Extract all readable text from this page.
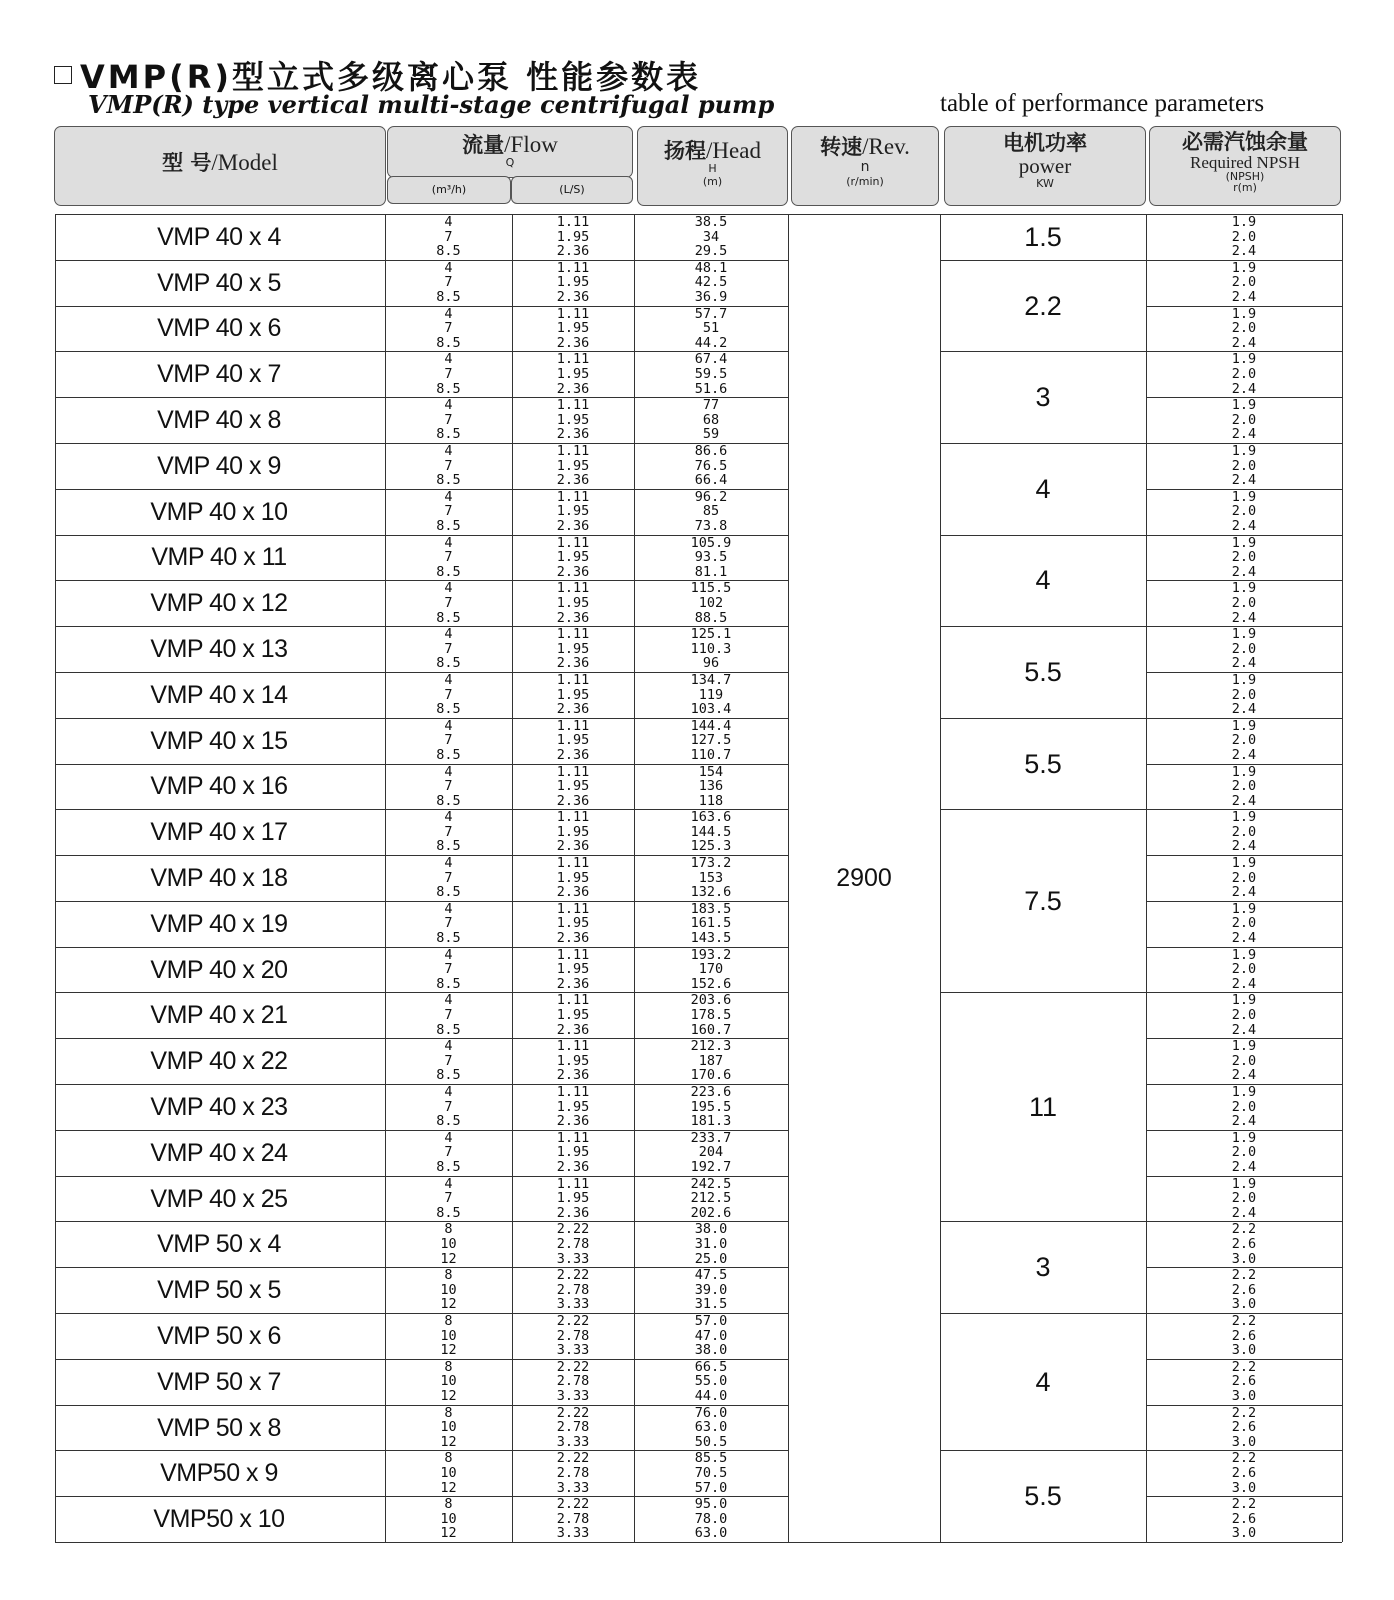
VMP(R)型立式多级离心泵 性能参数表
VMP(R) type vertical multi-stage centrifugal pump	table of performance parameters
型 号/Model
流量/Flow
Q
(m³/h)	(L/S)
扬程/Head
H
(m)
转速/Rev.
n
(r/min)
电机功率
power
KW
必需汽蚀余量
Required NPSH
(NPSH)
r(m)
VMP 40 x 4
4
7
8.5
1.11
1.95
2.36
38.5
34
29.5
1.9
2.0
2.4
VMP 40 x 5
4
7
8.5
1.11
1.95
2.36
48.1
42.5
36.9
1.9
2.0
2.4
VMP 40 x 6
4
7
8.5
1.11
1.95
2.36
57.7
51
44.2
1.9
2.0
2.4
VMP 40 x 7
4
7
8.5
1.11
1.95
2.36
67.4
59.5
51.6
1.9
2.0
2.4
VMP 40 x 8
4
7
8.5
1.11
1.95
2.36
77
68
59
1.9
2.0
2.4
VMP 40 x 9
4
7
8.5
1.11
1.95
2.36
86.6
76.5
66.4
1.9
2.0
2.4
VMP 40 x 10
4
7
8.5
1.11
1.95
2.36
96.2
85
73.8
1.9
2.0
2.4
VMP 40 x 11
4
7
8.5
1.11
1.95
2.36
105.9
93.5
81.1
1.9
2.0
2.4
VMP 40 x 12
4
7
8.5
1.11
1.95
2.36
115.5
102
88.5
1.9
2.0
2.4
VMP 40 x 13
4
7
8.5
1.11
1.95
2.36
125.1
110.3
96
1.9
2.0
2.4
VMP 40 x 14
4
7
8.5
1.11
1.95
2.36
134.7
119
103.4
1.9
2.0
2.4
VMP 40 x 15
4
7
8.5
1.11
1.95
2.36
144.4
127.5
110.7
1.9
2.0
2.4
VMP 40 x 16
4
7
8.5
1.11
1.95
2.36
154
136
118
1.9
2.0
2.4
VMP 40 x 17
4
7
8.5
1.11
1.95
2.36
163.6
144.5
125.3
1.9
2.0
2.4
VMP 40 x 18
4
7
8.5
1.11
1.95
2.36
173.2
153
132.6
1.9
2.0
2.4
VMP 40 x 19
4
7
8.5
1.11
1.95
2.36
183.5
161.5
143.5
1.9
2.0
2.4
VMP 40 x 20
4
7
8.5
1.11
1.95
2.36
193.2
170
152.6
1.9
2.0
2.4
VMP 40 x 21
4
7
8.5
1.11
1.95
2.36
203.6
178.5
160.7
1.9
2.0
2.4
VMP 40 x 22
4
7
8.5
1.11
1.95
2.36
212.3
187
170.6
1.9
2.0
2.4
VMP 40 x 23
4
7
8.5
1.11
1.95
2.36
223.6
195.5
181.3
1.9
2.0
2.4
VMP 40 x 24
4
7
8.5
1.11
1.95
2.36
233.7
204
192.7
1.9
2.0
2.4
VMP 40 x 25
4
7
8.5
1.11
1.95
2.36
242.5
212.5
202.6
1.9
2.0
2.4
VMP 50 x 4
8
10
12
2.22
2.78
3.33
38.0
31.0
25.0
2.2
2.6
3.0
VMP 50 x 5
8
10
12
2.22
2.78
3.33
47.5
39.0
31.5
2.2
2.6
3.0
VMP 50 x 6
8
10
12
2.22
2.78
3.33
57.0
47.0
38.0
2.2
2.6
3.0
VMP 50 x 7
8
10
12
2.22
2.78
3.33
66.5
55.0
44.0
2.2
2.6
3.0
VMP 50 x 8
8
10
12
2.22
2.78
3.33
76.0
63.0
50.5
2.2
2.6
3.0
VMP50 x 9
8
10
12
2.22
2.78
3.33
85.5
70.5
57.0
2.2
2.6
3.0
VMP50 x 10
8
10
12
2.22
2.78
3.33
95.0
78.0
63.0
2.2
2.6
3.0
1.5
2.2
3
4
4
5.5
5.5
7.5
11
3
4
5.5
2900
